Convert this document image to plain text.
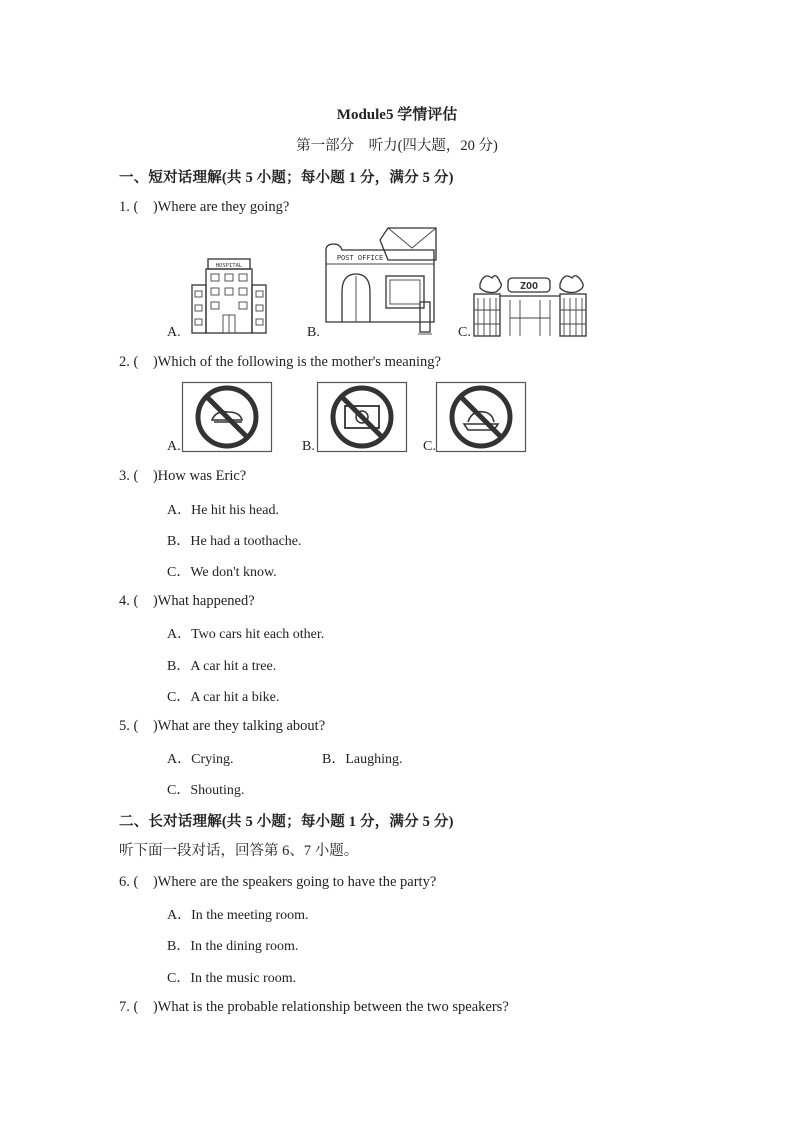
Module5 学情评估
第一部分　听力(四大题，20 分)
一、短对话理解(共 5 小题；每小题 1 分，满分 5 分)
1. (　)Where are they going?
A.	B.	C.
HOSPITAL
POST OFFICE
ZOO
2. (　)Which of the following is the mother's meaning?
A.	B.	C.
3. (　)How was Eric?
A．He hit his head.
B．He had a toothache.
C．We don't know.
4. (　)What happened?
A．Two cars hit each other.
B．A car hit a tree.
C．A car hit a bike.
5. (　)What are they talking about?
A．Crying.	B．Laughing.
C．Shouting.
二、长对话理解(共 5 小题；每小题 1 分，满分 5 分)
听下面一段对话，回答第 6、7 小题。
6. (　)Where are the speakers going to have the party?
A．In the meeting room.
B．In the dining room.
C．In the music room.
7. (　)What is the probable relationship between the two speakers?
